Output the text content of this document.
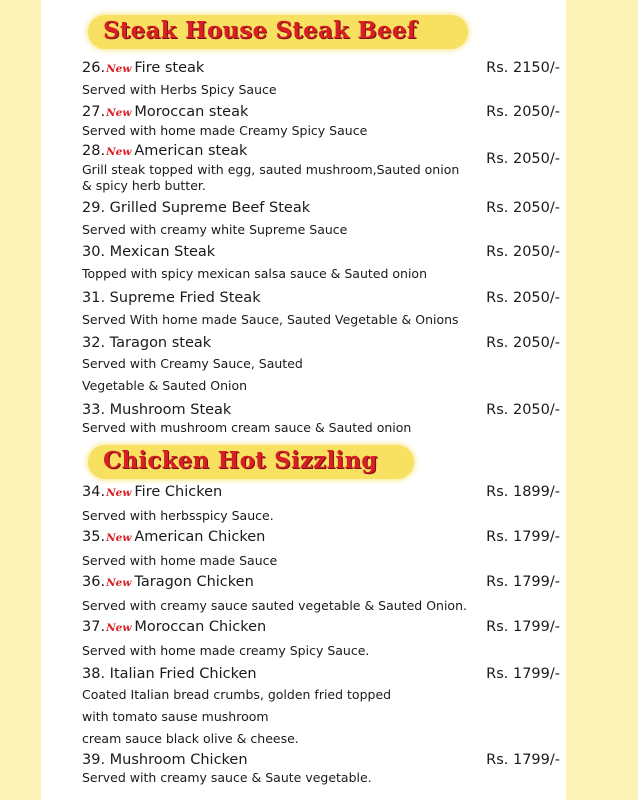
Steak House Steak Beef
26.New Fire steak	Rs. 2150/-
Served with Herbs Spicy Sauce
27.New Moroccan steak	Rs. 2050/-
Served with home made Creamy Spicy Sauce
28.New American steak	Rs. 2050/-
Grill steak topped with egg, sauted mushroom,Sauted onion
& spicy herb butter.
29. Grilled Supreme Beef Steak	Rs. 2050/-
Served with creamy white Supreme Sauce
30. Mexican Steak	Rs. 2050/-
Topped with spicy mexican salsa sauce & Sauted onion
31. Supreme Fried Steak	Rs. 2050/-
Served With home made Sauce, Sauted Vegetable & Onions
32. Taragon steak	Rs. 2050/-
Served with Creamy Sauce, Sauted
Vegetable & Sauted Onion
33. Mushroom Steak	Rs. 2050/-
Served with mushroom cream sauce & Sauted onion
Chicken Hot Sizzling
34.New Fire Chicken	Rs. 1899/-
Served with herbsspicy Sauce.
35.New American Chicken	Rs. 1799/-
Served with home made Sauce
36.New Taragon Chicken	Rs. 1799/-
Served with creamy sauce sauted vegetable & Sauted Onion.
37.New Moroccan Chicken	Rs. 1799/-
Served with home made creamy Spicy Sauce.
38. Italian Fried Chicken	Rs. 1799/-
Coated Italian bread crumbs, golden fried topped
with tomato sause mushroom
cream sauce black olive & cheese.
39. Mushroom Chicken	Rs. 1799/-
Served with creamy sauce & Saute vegetable.
